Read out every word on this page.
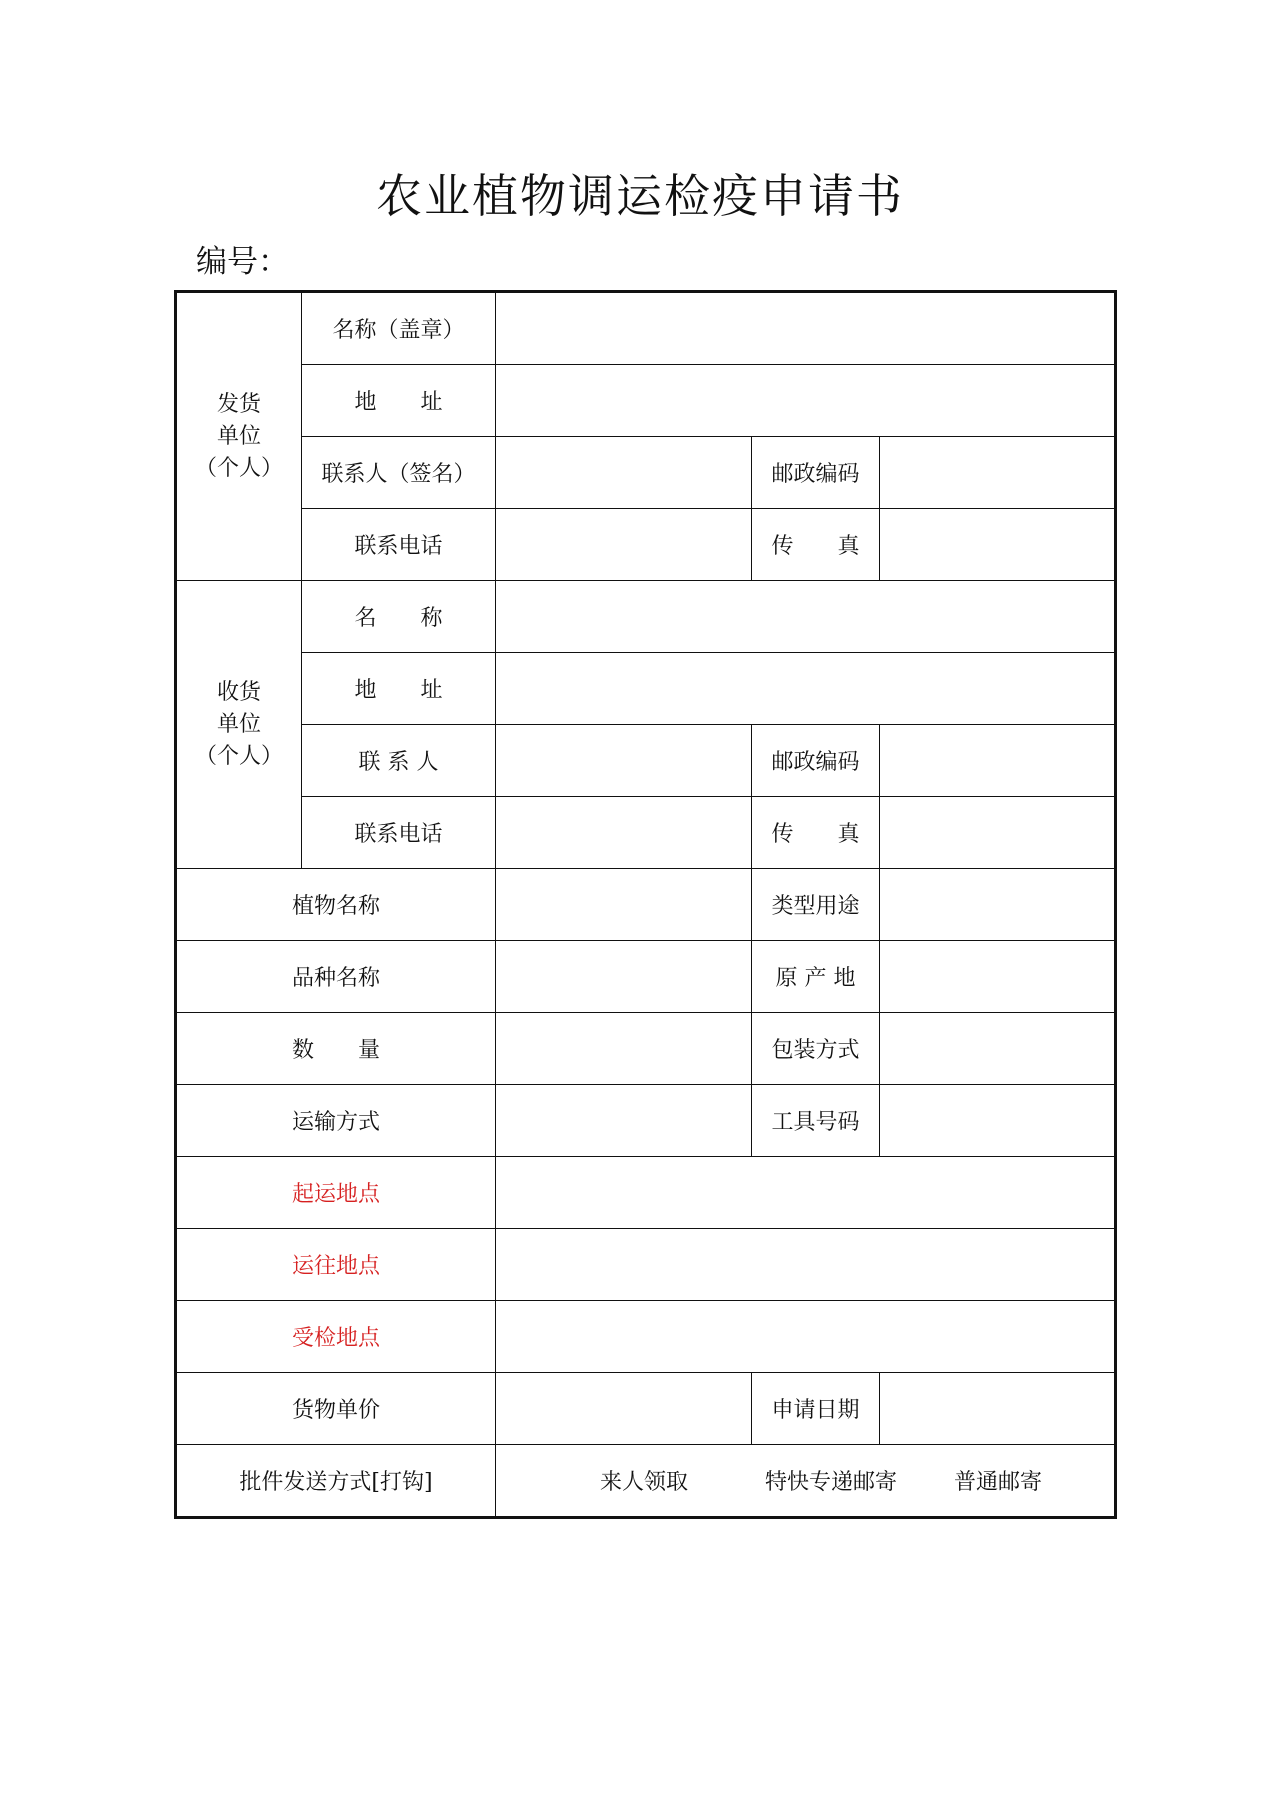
农业植物调运检疫申请书
编号：
发货
单位
（个人）	名称（盖章）			
	地　　址			
	联系人（签名）		邮政编码	
	联系电话		传　　真	

收货
单位
（个人）	名　　称			
	地　　址			
	联 系 人		邮政编码	
	联系电话		传　　真	
植物名称			类型用途	
品种名称			原 产 地	
数　　量			包装方式	
运输方式			工具号码	
起运地点				
运往地点				
受检地点				
货物单价			申请日期	
批件发送方式[打钩]		来人领取 特快专递邮寄 普通邮寄		
